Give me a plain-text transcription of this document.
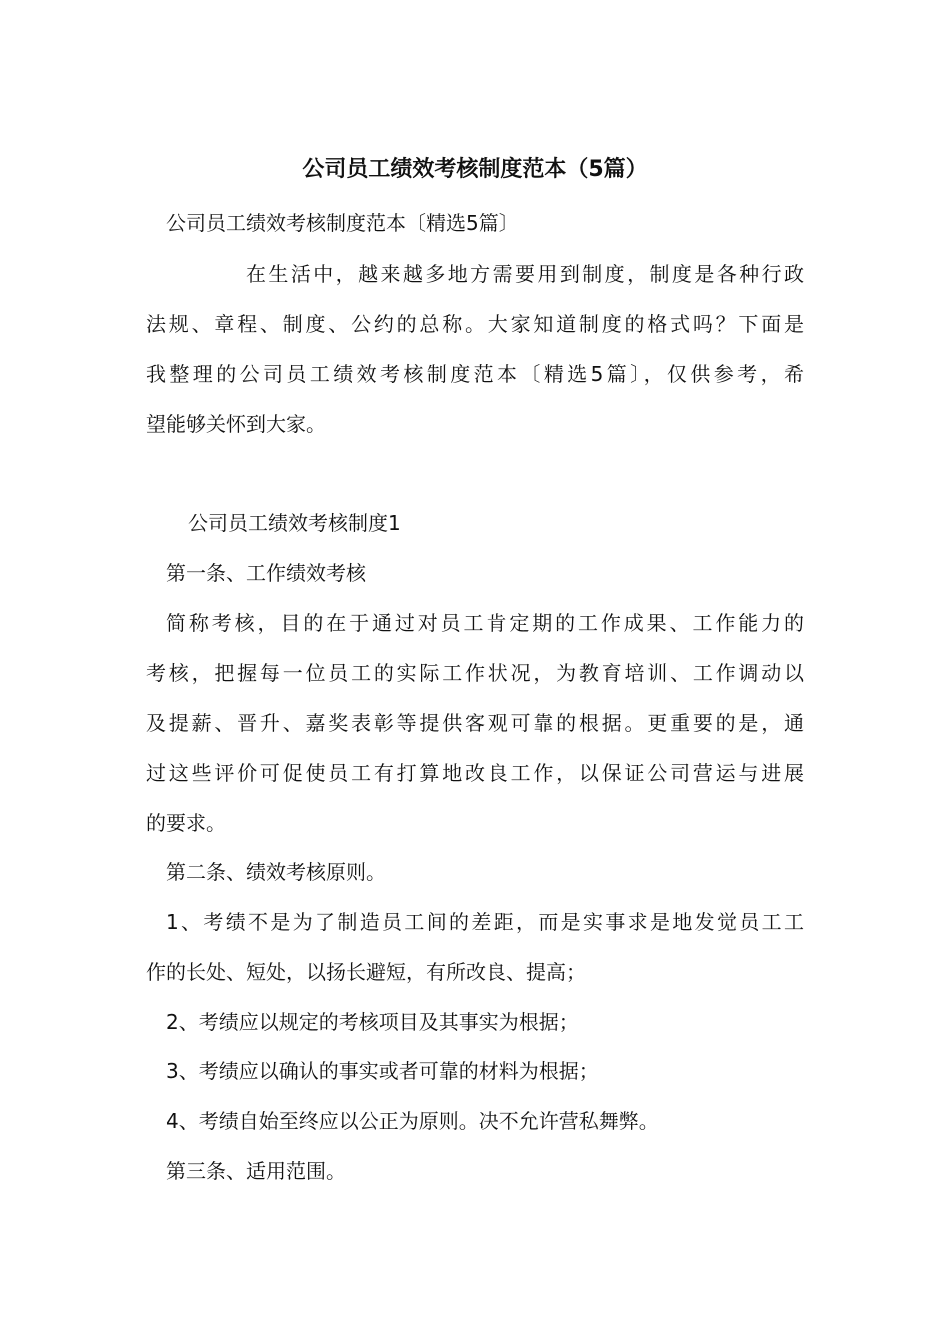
公司员工绩效考核制度范本（5篇）
公司员工绩效考核制度范本〔精选5篇〕
在生活中，越来越多地方需要用到制度，制度是各种行政
法规、章程、制度、公约的总称。大家知道制度的格式吗？下面是
我整理的公司员工绩效考核制度范本〔精选5篇〕，仅供参考，希
望能够关怀到大家。
公司员工绩效考核制度1
第一条、工作绩效考核
简称考核，目的在于通过对员工肯定期的工作成果、工作能力的
考核，把握每一位员工的实际工作状况，为教育培训、工作调动以
及提薪、晋升、嘉奖表彰等提供客观可靠的根据。更重要的是，通
过这些评价可促使员工有打算地改良工作，以保证公司营运与进展
的要求。
第二条、绩效考核原则。
1、考绩不是为了制造员工间的差距，而是实事求是地发觉员工工
作的长处、短处，以扬长避短，有所改良、提高；
2、考绩应以规定的考核项目及其事实为根据；
3、考绩应以确认的事实或者可靠的材料为根据；
4、考绩自始至终应以公正为原则。决不允许营私舞弊。
第三条、适用范围。
